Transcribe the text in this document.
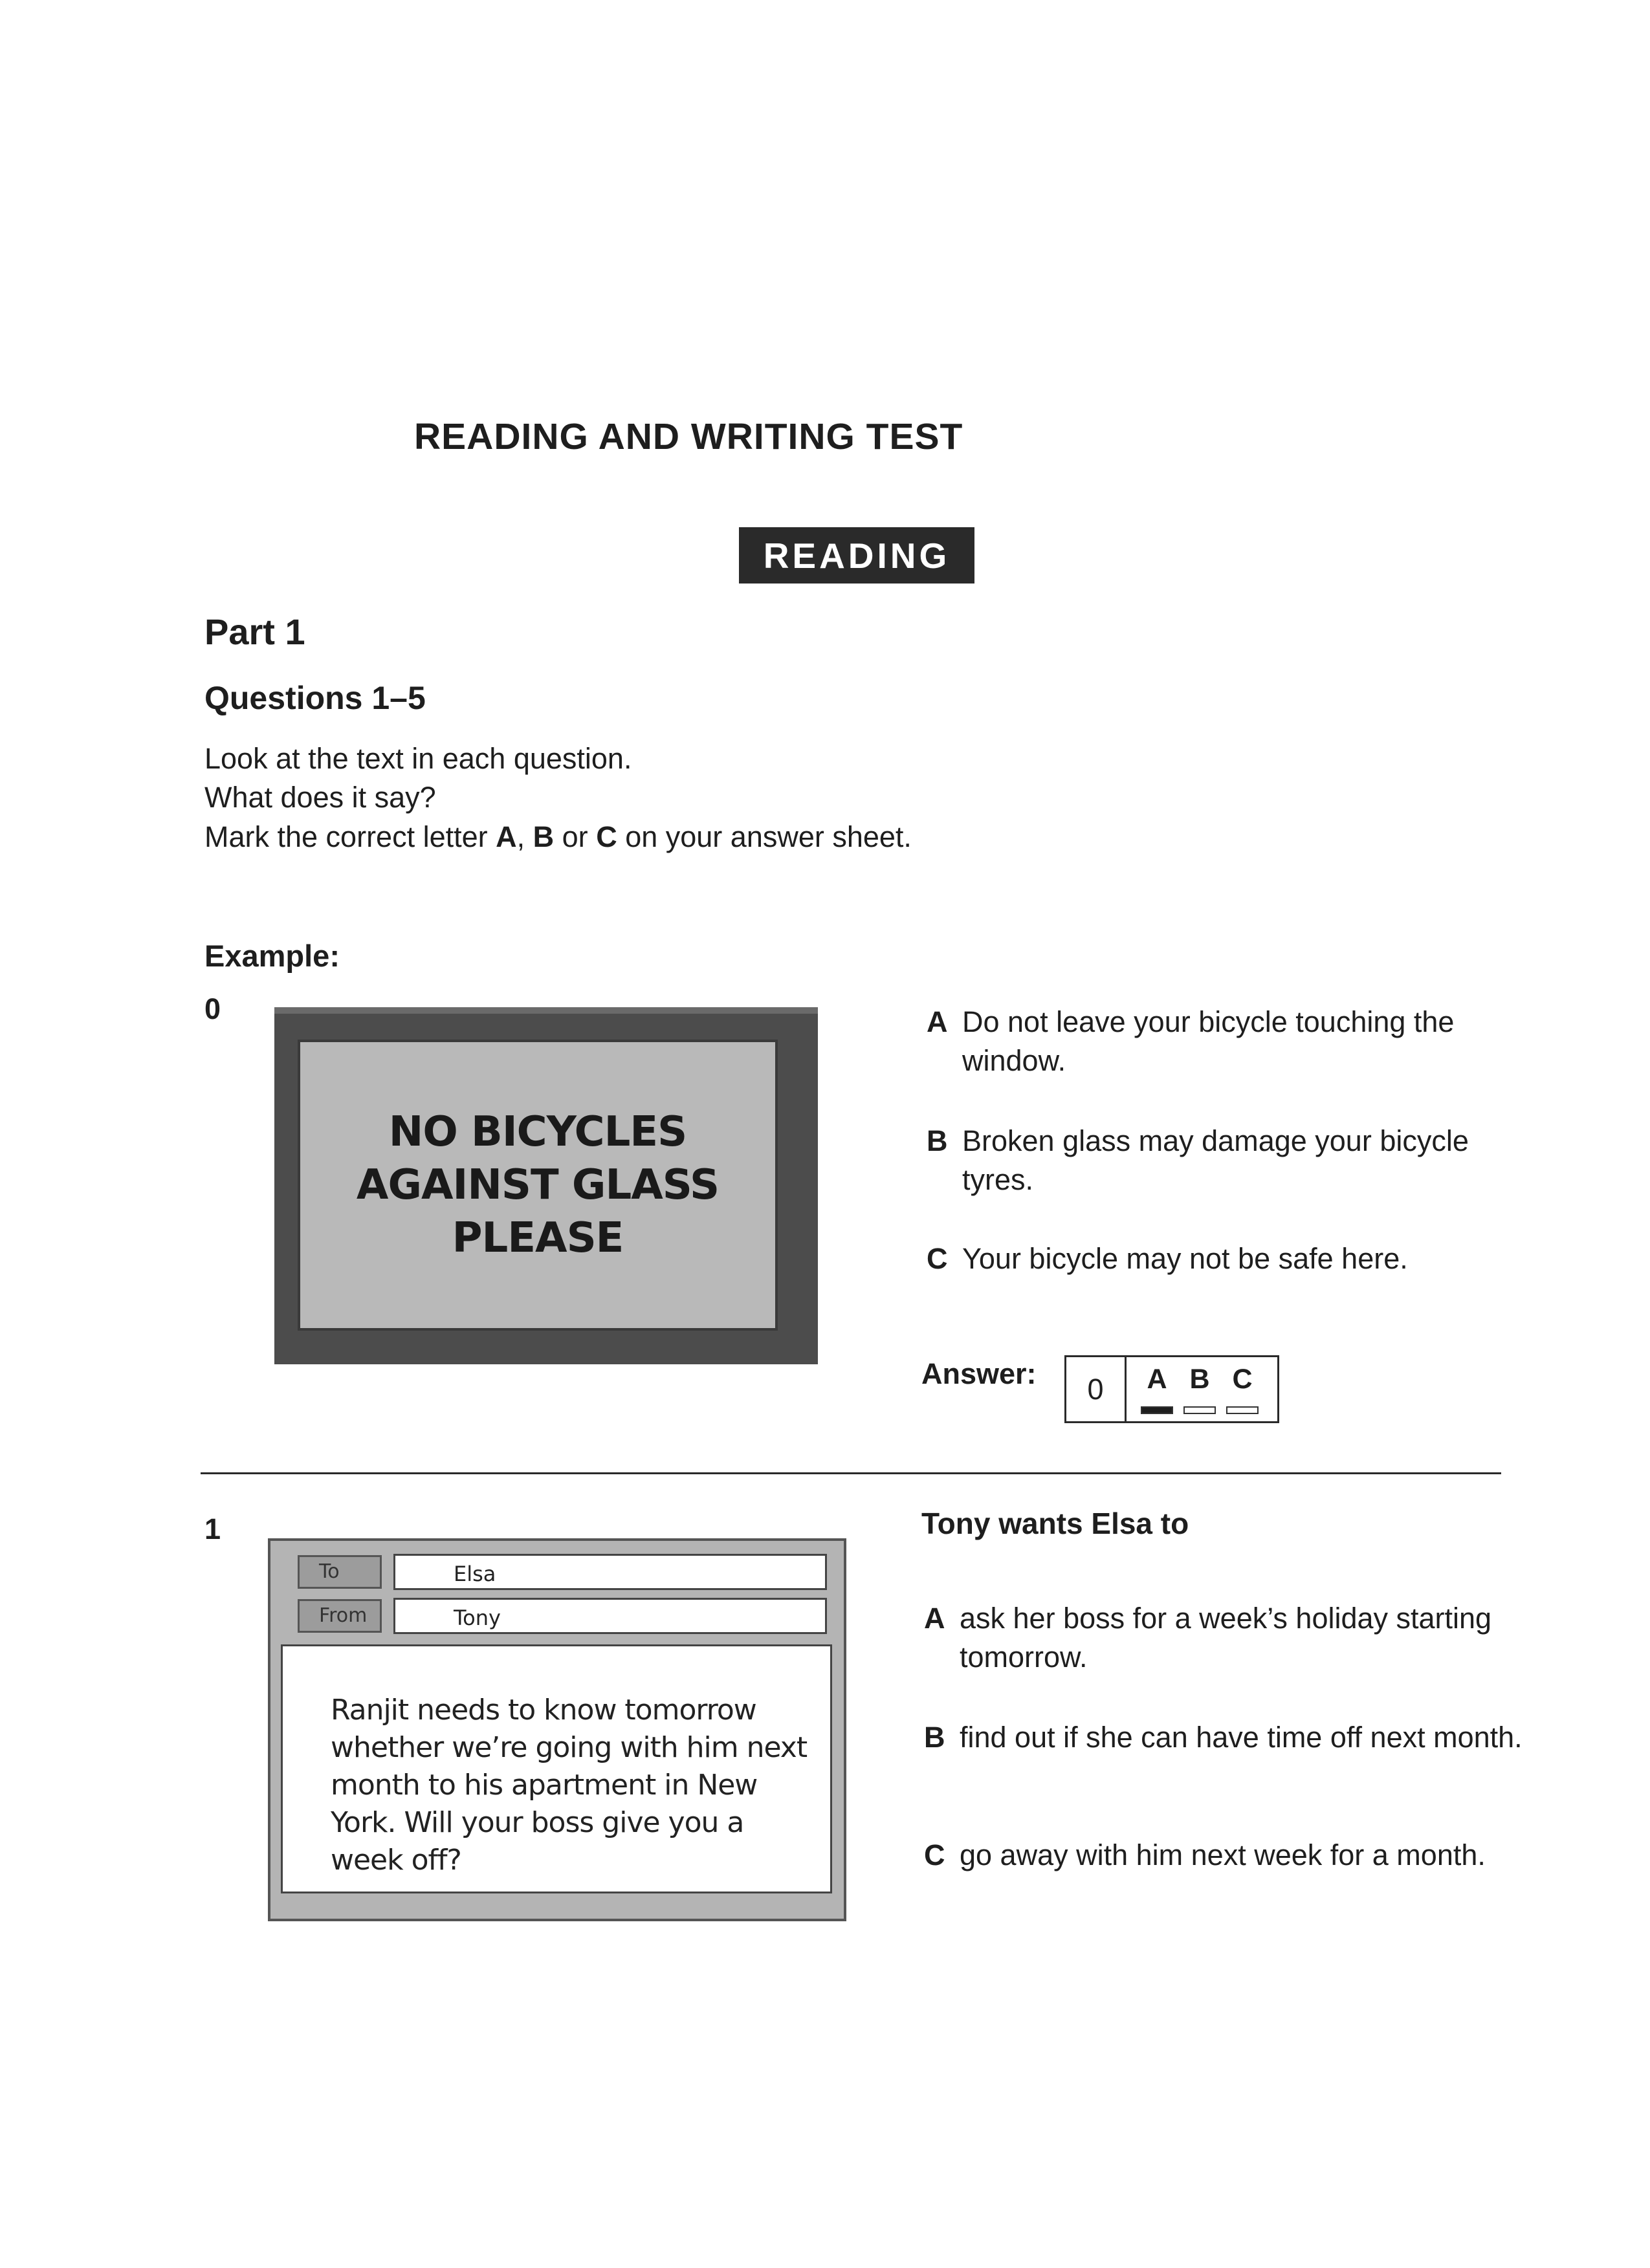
READING AND WRITING TEST
READING
Part 1
Questions 1–5
Look at the text in each question.
What does it say?
Mark the correct letter A, B or C on your answer sheet.
Example:
0
NO BICYCLES
AGAINST GLASS
PLEASE
A Do not leave your bicycle touching the window.
B Broken glass may damage your bicycle tyres.
C Your bicycle may not be safe here.
Answer:	0	A B C
1
To	Elsa
From	Tony
Ranjit needs to know tomorrow whether we’re going with him next month to his apartment in New York. Will your boss give you a week off?
Tony wants Elsa to
A ask her boss for a week’s holiday starting tomorrow.
B find out if she can have time off next month.
C go away with him next week for a month.
